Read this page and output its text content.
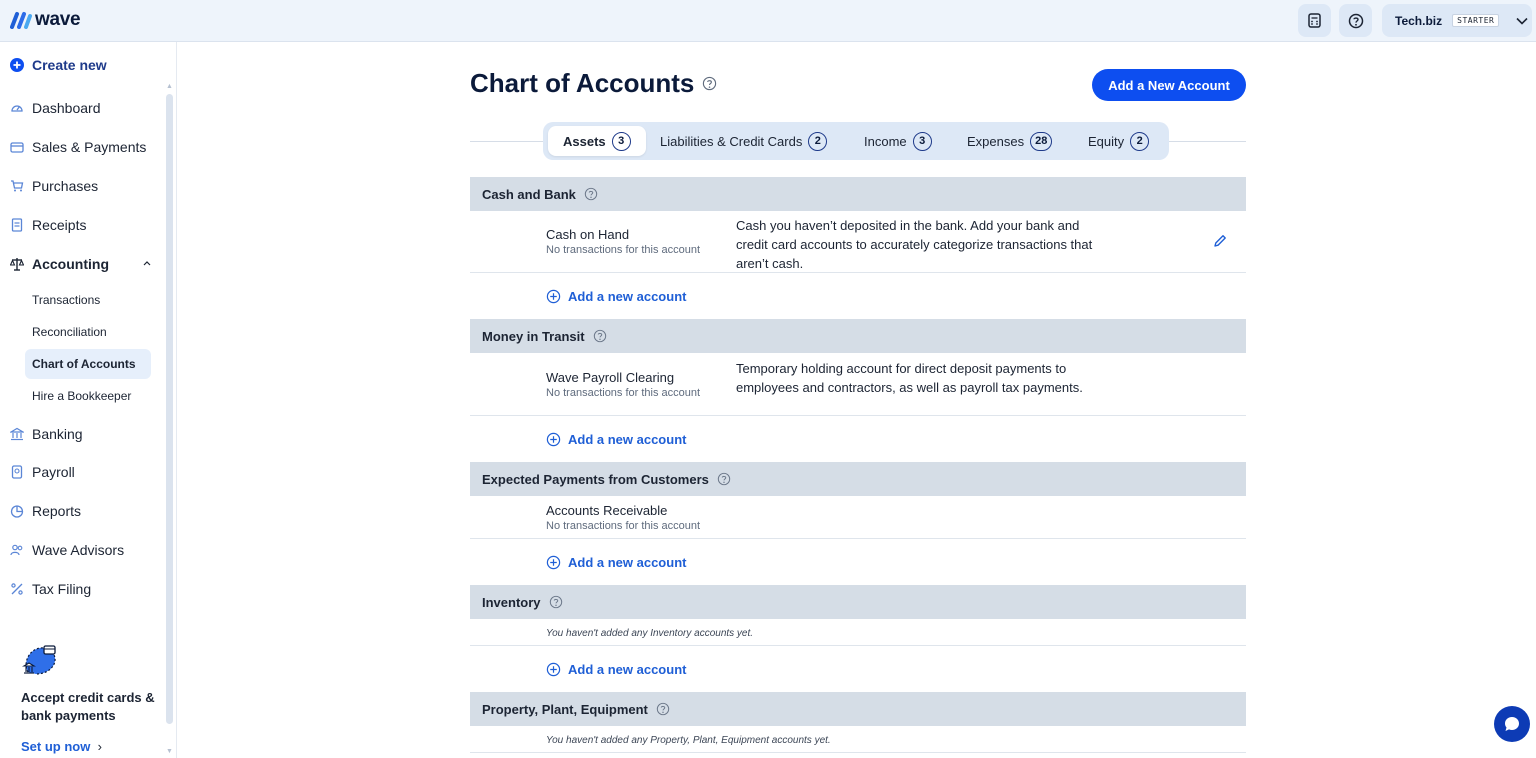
wave	Tech.biz	STARTER
Create new
Dashboard
Sales & Payments
Purchases
Receipts
Accounting
Transactions
Reconciliation
Chart of Accounts
Hire a Bookkeeper
Banking
Payroll
Reports
Wave Advisors
Tax Filing
▲
▼
Accept credit cards & bank payments
Set up now  ›
Chart of Accounts	Add a New Account
Assets	3	Liabilities & Credit Cards	2	Income	3	Expenses	28	Equity	2
Cash and Bank
Cash on Hand
No transactions for this account
Cash you haven’t deposited in the bank. Add your bank and credit card accounts to accurately categorize transactions that aren’t cash.
Add a new account
Money in Transit
Wave Payroll Clearing
No transactions for this account
Temporary holding account for direct deposit payments to employees and contractors, as well as payroll tax payments.
Add a new account
Expected Payments from Customers
Accounts Receivable
No transactions for this account
Add a new account
Inventory
You haven't added any Inventory accounts yet.
Add a new account
Property, Plant, Equipment
You haven't added any Property, Plant, Equipment accounts yet.
